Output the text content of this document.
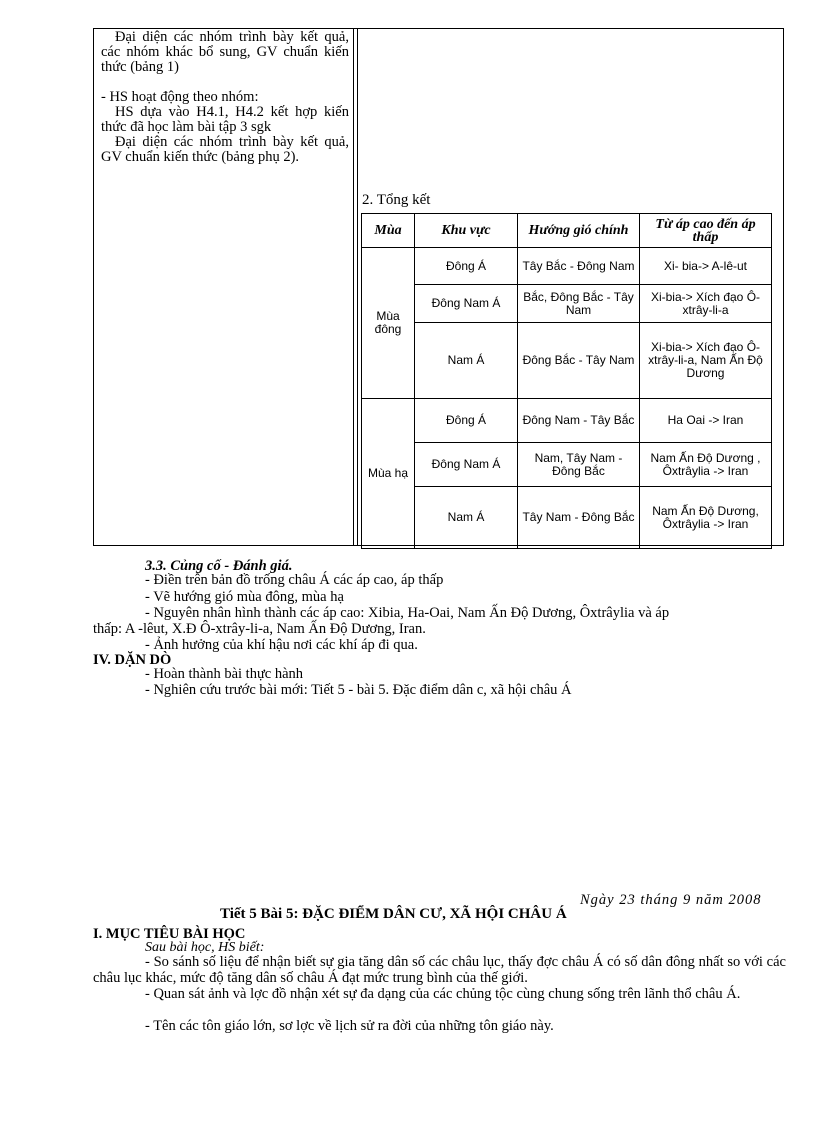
Đại diện các nhóm trình bày kết quả, các nhóm khác bổ sung, GV chuẩn kiến thức (bảng 1)

- HS hoạt động theo nhóm:

HS dựa vào H4.1, H4.2 kết hợp kiến thức đã học làm bài tập 3 sgk

Đại diện các nhóm trình bày kết quả, GV chuẩn kiến thức (bảng phụ 2).

2. Tổng kết
Mùa	Khu vực	Hướng gió chính	Từ áp cao đến áp thấp
Mùa đông	Đông Á	Tây Bắc - Đông Nam	Xi- bia-> A-lê-ut
	Đông Nam Á	Bắc, Đông Bắc - Tây Nam	Xi-bia-> Xích đạo Ô-xtrây-li-a
	Nam Á	Đông Bắc - Tây Nam	Xi-bia-> Xích đạo Ô-xtrây-li-a, Nam Ấn Độ Dương
Mùa hạ	Đông Á	Đông Nam - Tây Bắc	Ha Oai -> Iran
	Đông Nam Á	Nam, Tây Nam - Đông Bắc	Nam Ấn Độ Dương , Ôxtrâylia -> Iran
	Nam Á	Tây Nam - Đông Bắc	Nam Ấn Độ Dương, Ôxtrâylia -> Iran
3.3. Củng cố - Đánh giá.
- Điền trên bản đồ trống châu Á các áp cao, áp thấp
- Vẽ hướng gió mùa đông, mùa hạ
- Nguyên nhân hình thành các áp cao: Xibia, Ha-Oai, Nam Ấn Độ Dương, Ôxtrâylia và áp
thấp: A -lêut, X.Đ Ô-xtrây-li-a, Nam Ấn Độ Dương, Iran.
- Ảnh hưởng của khí hậu nơi các khí áp đi qua.
IV. DẶN DÒ
- Hoàn thành bài thực hành
- Nghiên cứu trước bài mới: Tiết 5 - bài 5. Đặc điểm dân c, xã hội châu Á
Ngày 23 tháng 9 năm 2008
Tiết 5 Bài 5: ĐẶC ĐIỂM DÂN CƯ, XÃ HỘI CHÂU Á
I. MỤC TIÊU BÀI HỌC
Sau bài học, HS biết:

- So sánh số liệu để nhận biết sự gia tăng dân số các châu lục, thấy đợc châu Á có số dân đông nhất so với các châu lục khác, mức độ tăng dân số châu Á đạt mức trung bình của thế giới.

- Quan sát ảnh và lợc đồ nhận xét sự đa dạng của các chủng tộc cùng chung sống trên lãnh thổ châu Á.

- Tên các tôn giáo lớn, sơ lợc về lịch sử ra đời của những tôn giáo này.
